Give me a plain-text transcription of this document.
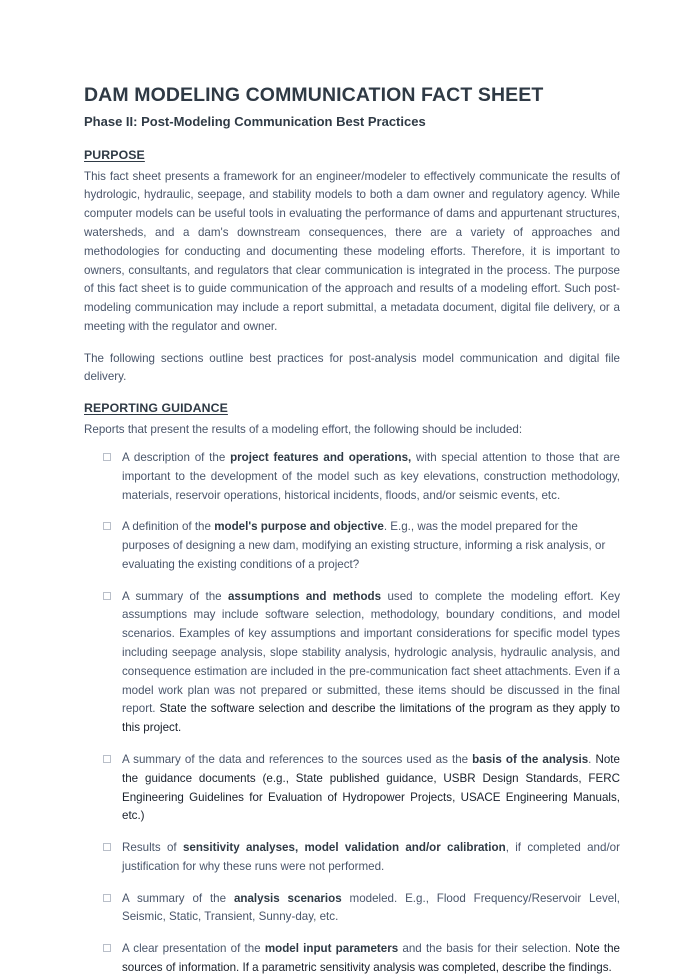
DAM MODELING COMMUNICATION FACT SHEET
Phase II: Post-Modeling Communication Best Practices
PURPOSE

This fact sheet presents a framework for an engineer/modeler to effectively communicate the results of hydrologic, hydraulic, seepage, and stability models to both a dam owner and regulatory agency. While computer models can be useful tools in evaluating the performance of dams and appurtenant structures, watersheds, and a dam's downstream consequences, there are a variety of approaches and methodologies for conducting and documenting these modeling efforts. Therefore, it is important to owners, consultants, and regulators that clear communication is integrated in the process. The purpose of this fact sheet is to guide communication of the approach and results of a modeling effort. Such post-modeling communication may include a report submittal, a metadata document, digital file delivery, or a meeting with the regulator and owner.

The following sections outline best practices for post-analysis model communication and digital file delivery.

REPORTING GUIDANCE

Reports that present the results of a modeling effort, the following should be included:

A description of the project features and operations, with special attention to those that are important to the development of the model such as key elevations, construction methodology, materials, reservoir operations, historical incidents, floods, and/or seismic events, etc.
A definition of the model's purpose and objective. E.g., was the model prepared for the purposes of designing a new dam, modifying an existing structure, informing a risk analysis, or evaluating the existing conditions of a project?
A summary of the assumptions and methods used to complete the modeling effort. Key assumptions may include software selection, methodology, boundary conditions, and model scenarios. Examples of key assumptions and important considerations for specific model types including seepage analysis, slope stability analysis, hydrologic analysis, hydraulic analysis, and consequence estimation are included in the pre-communication fact sheet attachments. Even if a model work plan was not prepared or submitted, these items should be discussed in the final report. State the software selection and describe the limitations of the program as they apply to this project.
A summary of the data and references to the sources used as the basis of the analysis. Note the guidance documents (e.g., State published guidance, USBR Design Standards, FERC Engineering Guidelines for Evaluation of Hydropower Projects, USACE Engineering Manuals, etc.)
Results of sensitivity analyses, model validation and/or calibration, if completed and/or justification for why these runs were not performed.
A summary of the analysis scenarios modeled. E.g., Flood Frequency/Reservoir Level, Seismic, Static, Transient, Sunny-day, etc.
A clear presentation of the model input parameters and the basis for their selection. Note the sources of information. If a parametric sensitivity analysis was completed, describe the findings.
